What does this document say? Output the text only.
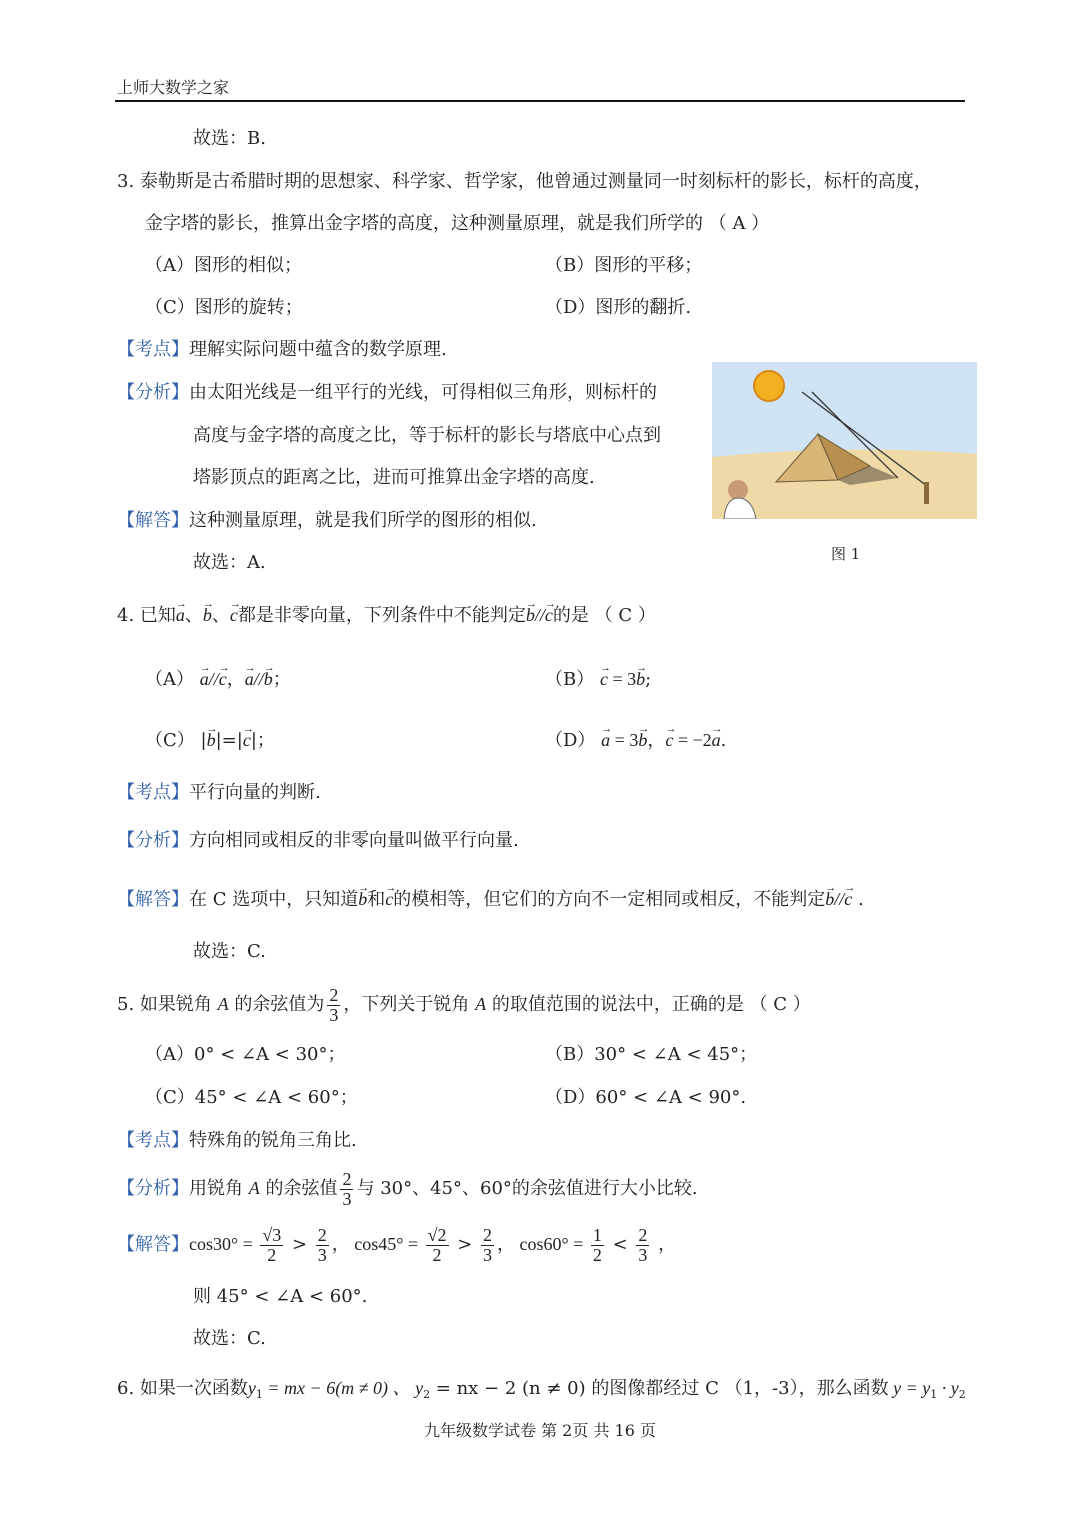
上师大数学之家
故选：B.
3. 泰勒斯是古希腊时期的思想家、科学家、哲学家，他曾通过测量同一时刻标杆的影长，标杆的高度，
金字塔的影长，推算出金字塔的高度，这种测量原理，就是我们所学的 （ A ）
（A）图形的相似；	（B）图形的平移；
（C）图形的旋转；	（D）图形的翻折.
【考点】理解实际问题中蕴含的数学原理.
【分析】由太阳光线是一组平行的光线，可得相似三角形，则标杆的
高度与金字塔的高度之比，等于标杆的影长与塔底中心点到
塔影顶点的距离之比，进而可推算出金字塔的高度.
【解答】这种测量原理，就是我们所学的图形的相似.
故选：A.	图 1
4. 已知→ a、→ b、→ c都是非零向量，下列条件中不能判定→ b//→ c的是 （ C ）
（A） → a//→ c，→ a//→ b；	（B） → c = 3→ b;
（C） |→ b|=|→ c|；	（D） → a = 3→ b，→ c = −2→ a.
【考点】平行向量的判断.
【分析】方向相同或相反的非零向量叫做平行向量.
【解答】在 C 选项中，只知道→ b和→ c的模相等，但它们的方向不一定相同或相反，不能判定→ b//→ c .
故选：C.
5. 如果锐角 A 的余弦值为 $\frac{2}{3}$ ，下列关于锐角 A 的取值范围的说法中，正确的是 （ C ）
（A）0° < ∠A < 30°；	（B）30° < ∠A < 45°；
（C）45° < ∠A < 60°；	（D）60° < ∠A < 90°.
【考点】特殊角的锐角三角比.
【分析】用锐角 A 的余弦值 $\frac{2}{3}$ 与 30°、45°、60°的余弦值进行大小比较.
【解答】$\cos 30^\circ = \frac{√3}{2} > \frac{2}{3}$ ， $\cos 45^\circ = \frac{√2}{2} > \frac{2}{3}$ ， $\cos 60^\circ = \frac{1}{2} < \frac{2}{3}$ ，
则 45° < ∠A < 60°.
故选：C.
6. 如果一次函数$y_1$ = mx − 6(m ≠ 0) 、 $y_2$ = nx − 2 (n ≠ 0) 的图像都经过 C （1，-3），那么函数 $y = y_1 \cdot y_2$
九年级数学试卷 第 2页 共 16 页
